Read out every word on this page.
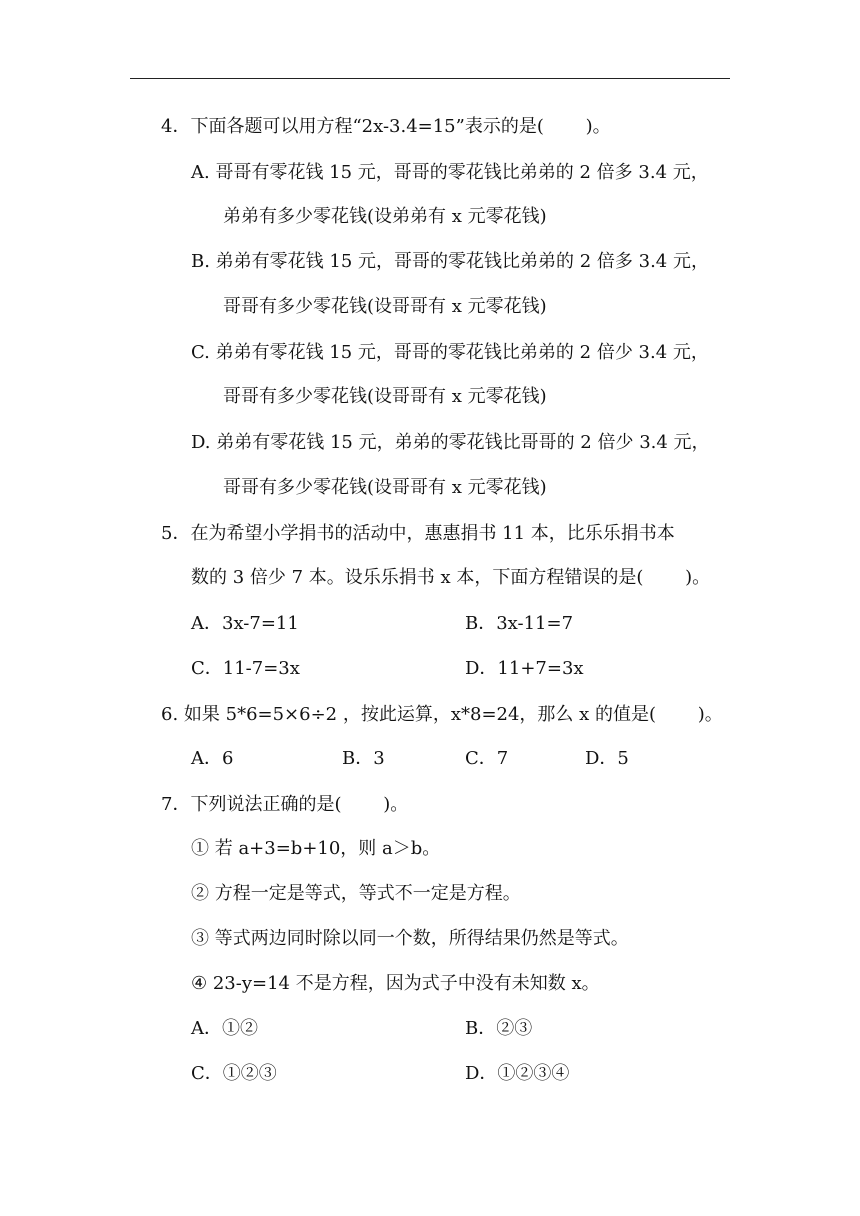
4．下面各题可以用方程“2x-3.4=15”表示的是(　　 )。
A. 哥哥有零花钱 15 元，哥哥的零花钱比弟弟的 2 倍多 3.4 元，
弟弟有多少零花钱(设弟弟有 x 元零花钱)
B. 弟弟有零花钱 15 元，哥哥的零花钱比弟弟的 2 倍多 3.4 元，
哥哥有多少零花钱(设哥哥有 x 元零花钱)
C. 弟弟有零花钱 15 元，哥哥的零花钱比弟弟的 2 倍少 3.4 元，
哥哥有多少零花钱(设哥哥有 x 元零花钱)
D. 弟弟有零花钱 15 元，弟弟的零花钱比哥哥的 2 倍少 3.4 元，
哥哥有多少零花钱(设哥哥有 x 元零花钱)
5．在为希望小学捐书的活动中，惠惠捐书 11 本，比乐乐捐书本
数的 3 倍少 7 本。设乐乐捐书 x 本，下面方程错误的是(　　 )。
A．3x-7=11	B．3x-11=7
C．11-7=3x	D．11+7=3x
6. 如果 5*6=5×6÷2 ，按此运算，x*8=24，那么 x 的值是(　　 )。
A．6	B．3	C．7	D．5
7．下列说法正确的是(　　 )。
① 若 a+3=b+10，则 a＞b。
② 方程一定是等式，等式不一定是方程。
③ 等式两边同时除以同一个数，所得结果仍然是等式。
④ 23-y=14 不是方程，因为式子中没有未知数 x。
A．①②	B．②③
C．①②③	D．①②③④
